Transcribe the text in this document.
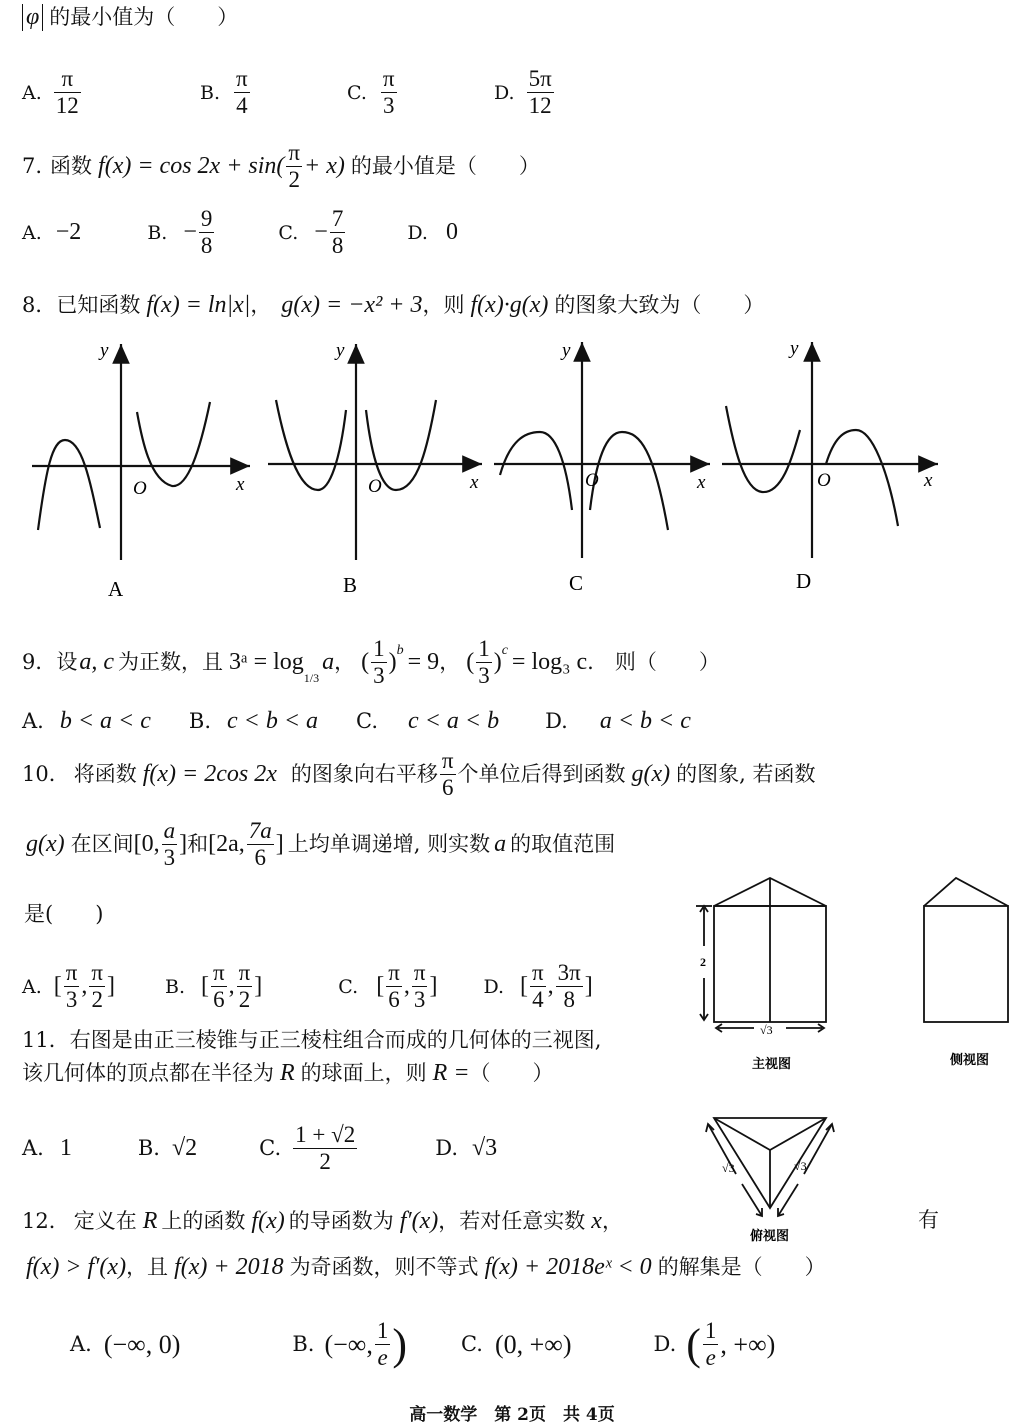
φ 的最小值为（　　）
A. $\frac{\pi}{12}$	B. $\frac{\pi}{4}$	C. $\frac{\pi}{3}$	D. $\frac{5\pi}{12}$
7. 函数 $f(x) = \cos 2x + \sin( \frac{\pi}{2} + x)$ 的最小值是（　　）
A. −2	B. − $\frac{9}{8}$	C. − $\frac{7}{8}$	D. 0
8． 已知函数 f(x) = ln|x| ， g(x) = −x² + 3 ，则 f(x)·g(x) 的图象大致为（　　）
y
x
O
A
y
x
O
B
y
x
O
C
y
x
O
D
9．设 a, c 为正数，且 3ᵃ = log
1/3
a ， ( $\frac{1}{3}$ ) b = 9 ， ( $\frac{1}{3}$ ) c = log₃ c .　则（　　）
A. b < a < c B. c < b < a C. c < a < b D. a < b < c
10． 将函数 f(x) = 2cos 2x 的图象向右平移 $\frac{\pi}{6}$ 个单位后得到函数 g(x) 的图象, 若函数
g(x) 在区间 [0, $\frac{a}{3}$ ] 和 [2a, $\frac{7a}{6}$ ] 上均单调递增, 则实数 a 的取值范围
是(　　)
A. [ $\frac{\pi}{3}$ , $\frac{\pi}{2}$ ]	B. [ $\frac{\pi}{6}$ , $\frac{\pi}{2}$ ]	C. [ $\frac{\pi}{6}$ , $\frac{\pi}{3}$ ] D. [ $\frac{\pi}{4}$ , $\frac{3\pi}{8}$ ]
11．右图是由正三棱锥与正三棱柱组合而成的几何体的三视图,
该几何体的顶点都在半径为 R 的球面上，则 R = （　　）
A. 1	B. √2	C. $\frac{1 + √2}{2}$	D. √3
2
√3
主视图	侧视图
√3	√3
俯视图
12． 定义在 R 上的函数 f(x) 的导函数为 f′(x) ，若对任意实数 x ，	有
f(x) > f′(x) ，且 f(x) + 2018 为奇函数，则不等式 f(x) + 2018eˣ < 0 的解集是（　　）
A. (−∞, 0)	B. (−∞, $\frac{1}{e}$ )	C. (0, +∞)	D. ( $\frac{1}{e}$ , +∞)
高一数学　第 2页　共 4页
